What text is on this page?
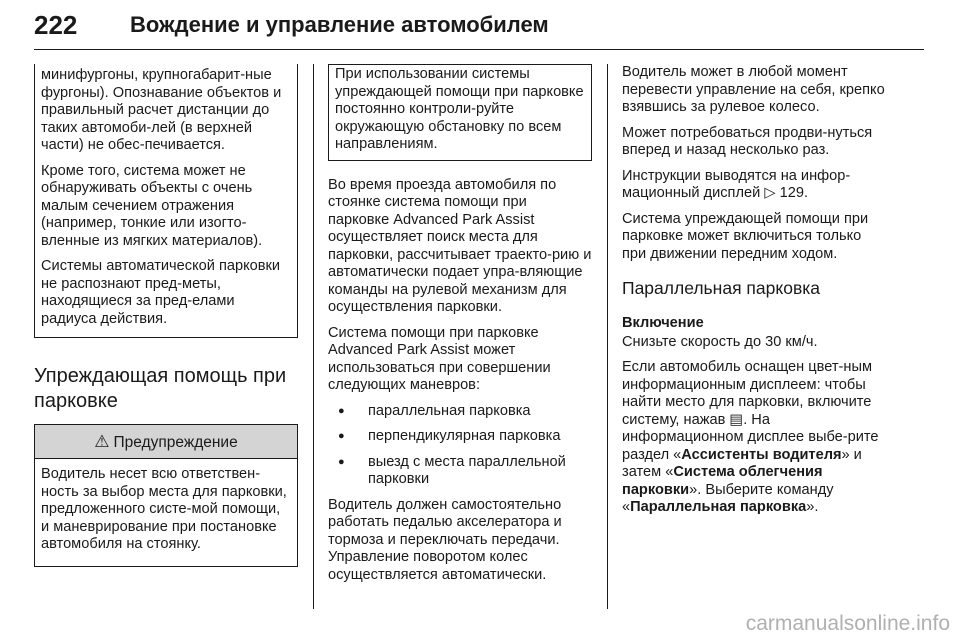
222 Вождение и управление автомобилем

минифургоны, крупногабарит-ные фургоны). Опознавание объектов и правильный расчет дистанции до таких автомоби-лей (в верхней части) не обес-печивается.

Кроме того, система может не обнаруживать объекты с очень малым сечением отражения (например, тонкие или изогто-вленные из мягких материалов).

Системы автоматической парковки не распознают пред-меты, находящиеся за пред-елами радиуса действия.

Упреждающая помощь при парковке
⚠ Предупреждение
Водитель несет всю ответствен-ность за выбор места для парковки, предложенного систе-мой помощи, и маневрирование при постановке автомобиля на стоянку.

При использовании системы упреждающей помощи при парковке постоянно контроли-руйте окружающую обстановку по всем направлениям.

Во время проезда автомобиля по стоянке система помощи при парковке Advanced Park Assist осуществляет поиск места для парковки, рассчитывает траекто-рию и автоматически подает упра-вляющие команды на рулевой механизм для осуществления парковки.

Система помощи при парковке Advanced Park Assist может использоваться при совершении следующих маневров:

● параллельная парковка
● перпендикулярная парковка
● выезд с места параллельной парковки

Водитель должен самостоятельно работать педалью акселератора и тормоза и переключать передачи. Управление поворотом колес осуществляется автоматически.

Водитель может в любой момент перевести управление на себя, крепко взявшись за рулевое колесо.

Может потребоваться продви-нуться вперед и назад несколько раз.

Инструкции выводятся на инфор-мационный дисплей ▷ 129.

Система упреждающей помощи при парковке может включиться только при движении передним ходом.

Параллельная парковка
Включение

Снизьте скорость до 30 км/ч.

Если автомобиль оснащен цвет-ным информационным дисплеем: чтобы найти место для парковки, включите систему, нажав ▤. На информационном дисплее выбе-рите раздел «Ассистенты водителя» и затем «Система облегчения парковки». Выберите команду «Параллельная парковка».

carmanualsonline.info
